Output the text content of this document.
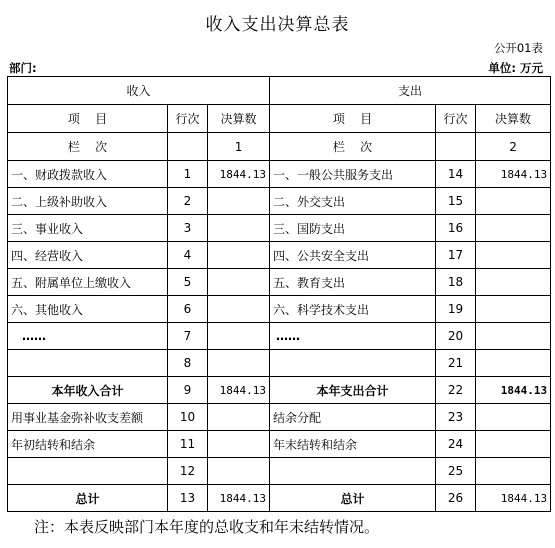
收入支出决算总表
公开01表
部门:	单位: 万元
收入			支出		
项    目	行次	决算数	项    目	行次	决算数
栏    次		1	栏    次		2
一、财政拨款收入	1	1844.13	一、一般公共服务支出	14	1844.13
二、上级补助收入	2		二、外交支出	15	
三、事业收入	3		三、国防支出	16	
四、经营收入	4		四、公共安全支出	17	
五、附属单位上缴收入	5		五、教育支出	18	
六、其他收入	6		六、科学技术支出	19	
……	7		……	20	
	8			21	
本年收入合计	9	1844.13	本年支出合计	22	1844.13
用事业基金弥补收支差额	10		结余分配	23	
年初结转和结余	11		年末结转和结余	24	
	12			25	
总计	13	1844.13	总计	26	1844.13
注：本表反映部门本年度的总收支和年末结转情况。
